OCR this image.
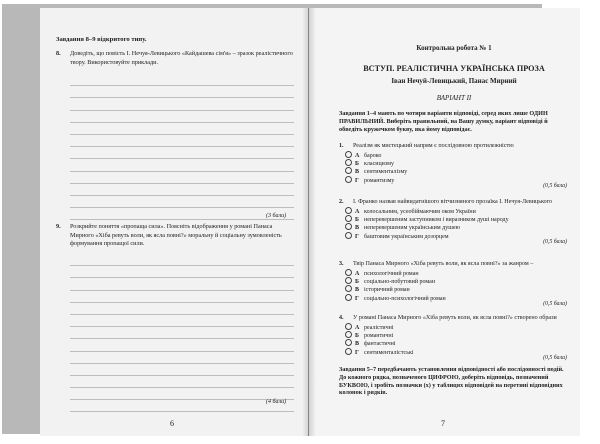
Завдання 8–9 відкритого типу.
8. Доведіть, що повість І. Нечуя-Левицького «Кайдашева сім'я» – зразок реалістичного твору. Використовуйте приклади.
(3 бали)
9. Розкрийте поняття «пропаща сила». Поясніть відображення у романі Панаса Мирного «Хіба ревуть воли, як ясла повні?» моральну й соціальну зумовленість формування пропащої сили.
(4 бали)
6
Контрольна робота № 1
ВСТУП. РЕАЛІСТИЧНА УКРАЇНСЬКА ПРОЗА
Іван Нечуй-Левицький, Панас Мирний
ВАРІАНТ ІІ
Завдання 1–4 мають по чотири варіанти відповіді, серед яких лише ОДИН ПРАВИЛЬНИЙ. Виберіть правильний, на Вашу думку, варіант відповіді й обведіть кружечком букву, яка йому відповідає.
1. Реалізм як мистецький напрям є послідовною протилежністю
А бароко
Б класицизму
В сентименталізму
Г романтизму
(0,5 бала)
2. І. Франко назвав найвидатнішого вітчизняного прозаїка І. Нечуя-Левицького
А колосальним, усеобіймаючим оком України
Б неперевершеним заступником і виразником душі народу
В неперевершеним українським душею
Г баштовим українським дозорцем
(0,5 бала)
3. Твір Панаса Мирного «Хіба ревуть воли, як ясла повні?» за жанром –
А психологічний роман
Б соціально-побутовий роман
В історичний роман
Г соціально-психологічний роман
(0,5 бала)
4. У романі Панаса Мирного «Хіба ревуть воли, як ясла повні?» створено образи
А реалістичні
Б романтичні
В фантастичні
Г сентименталістські
(0,5 бала)
Завдання 5–7 передбачають установлення відповідності або послідовності подій. До кожного рядка, позначеного ЦИФРОЮ, доберіть відповідь, позначений БУКВОЮ, і зробіть позначки (х) у таблицях відповідей на перетині відповідних колонок і рядків.
7
